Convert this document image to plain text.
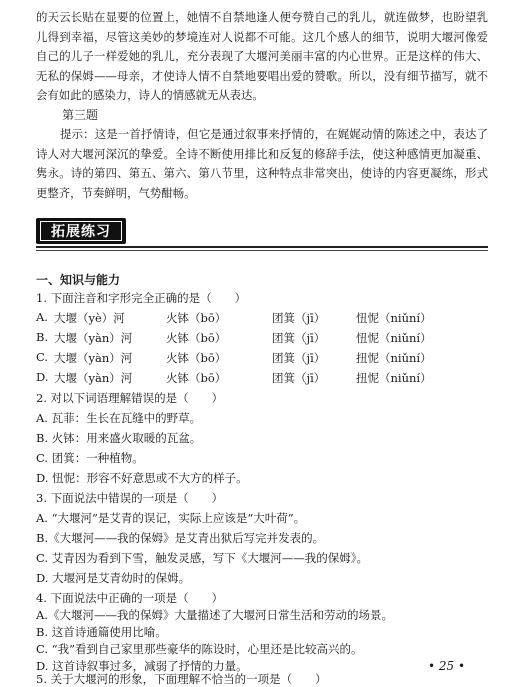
的天云长贴在显要的位置上，她情不自禁地逢人便夸赞自己的乳儿，就连做梦，也盼望乳儿得到幸福，尽管这美妙的梦境连对人说都不可能。这几个感人的细节，说明大堰河像爱自己的儿子一样爱她的乳儿，充分表现了大堰河美丽丰富的内心世界。正是这样的伟大、无私的保姆——母亲，才使诗人情不自禁地要唱出爱的赞歌。所以，没有细节描写，就不会有如此的感染力，诗人的情感就无从表达。

第三题

提示：这是一首抒情诗，但它是通过叙事来抒情的，在娓娓动情的陈述之中，表达了诗人对大堰河深沉的挚爱。全诗不断使用排比和反复的修辞手法，使这种感情更加凝重、隽永。诗的第四、第五、第六、第八节里，这种特点非常突出，使诗的内容更凝练，形式更整齐，节奏鲜明，气势酣畅。

拓展练习
一、知识与能力
1. 下面注音和字形完全正确的是（　　）
A. 大堰（yè）河	火钵（bō）	团箕（jī）	忸怩（niǔní）
B. 大堰（yàn）河	火钵（bō）	团箕（jī）	忸怩（niǔní）
C. 大堰（yàn）河	火钵（bō）	团箕（jī）	扭怩（niǔní）
D. 大堰（yàn）河	火钵（bō）	团箕（jī）	扭怩（niǔní）
2. 对以下词语理解错误的是（　　）
A. 瓦菲：生长在瓦缝中的野草。
B. 火钵：用来盛火取暖的瓦盆。
C. 团箕：一种植物。
D. 忸怩：形容不好意思或不大方的样子。
3. 下面说法中错误的一项是（　　）
A. “大堰河”是艾青的误记，实际上应该是“大叶荷”。
B.《大堰河——我的保姆》是艾青出狱后写完并发表的。
C. 艾青因为看到下雪，触发灵感，写下《大堰河——我的保姆》。
D. 大堰河是艾青幼时的保姆。
4. 下面说法中正确的一项是（　　）
A.《大堰河——我的保姆》大量描述了大堰河日常生活和劳动的场景。
B. 这首诗通篇使用比喻。
C. “我”看到自己家里那些豪华的陈设时，心里还是比较高兴的。
D. 这首诗叙事过多，减弱了抒情的力量。
5. 关于大堰河的形象，下面理解不恰当的一项是（　　）
• 25 •
